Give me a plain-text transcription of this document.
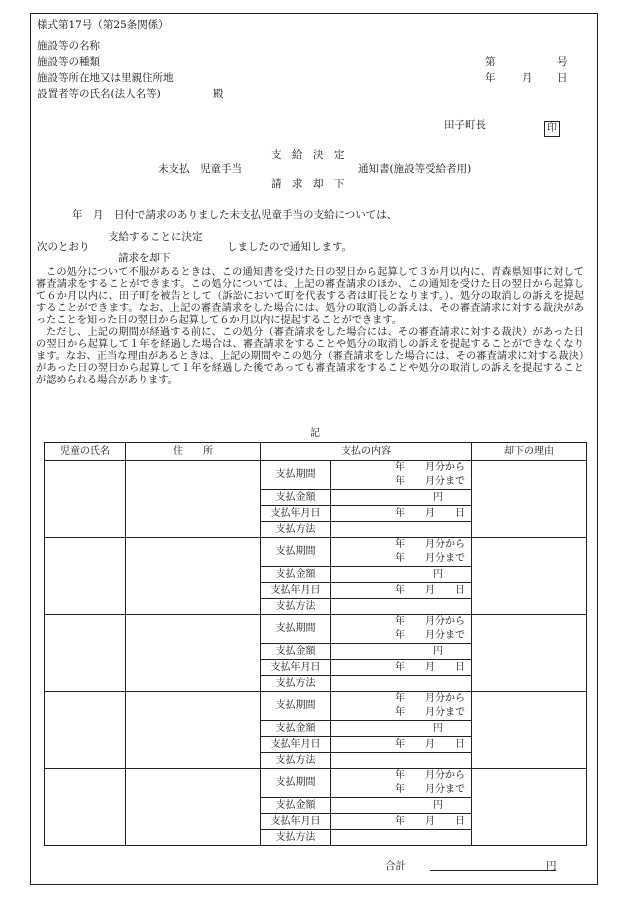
様式第17号（第25条関係）
施設等の名称
施設等の種類
施設等所在地又は里親住所地
設置者等の氏名(法人名等)	殿
第	号
年	月 日
田子町長	印
支　給　決　定
未支払　児童手当	通知書(施設等受給者用)
請　求　却　下
年　月　日付で請求のありました未支払児童手当の支給については、
支給することに決定
次のとおり	しましたので通知します。
請求を却下
この処分について不服があるときは、この通知書を受けた日の翌日から起算して３か月以内に、青森県知事に対して審査請求をすることができます。この処分については、上記の審査請求のほか、この通知を受けた日の翌日から起算して６か月以内に、田子町を被告として（訴訟において町を代表する者は町長となります。）、処分の取消しの訴えを提起することができます。なお、上記の審査請求をした場合には、処分の取消しの訴えは、その審査請求に対する裁決があったことを知った日の翌日から起算して６か月以内に提起することができます。
ただし、上記の期間が経過する前に、この処分（審査請求をした場合には、その審査請求に対する裁決）があった日の翌日から起算して１年を経過した場合は、審査請求をすることや処分の取消しの訴えを提起することができなくなります。なお、正当な理由があるときは、上記の期間やこの処分（審査請求をした場合には、その審査請求に対する裁決）があった日の翌日から起算して１年を経過した後であっても審査請求をすることや処分の取消しの訴えを提起することが認められる場合があります。
記
児童の氏名	住　　所	支払の内容		却下の理由
		支払期間	年　　月分から
年　　月分まで	

		支払金額	円	
		支払年月日	年　　月　　日	
		支払方法		
		支払期間	年　　月分から
年　　月分まで	

		支払金額	円	
		支払年月日	年　　月　　日	
		支払方法		
		支払期間	年　　月分から
年　　月分まで	

		支払金額	円	
		支払年月日	年　　月　　日	
		支払方法		
		支払期間	年　　月分から
年　　月分まで	

		支払金額	円	
		支払年月日	年　　月　　日	
		支払方法		
		支払期間	年　　月分から
年　　月分まで	

		支払金額	円	
		支払年月日	年　　月　　日	
		支払方法		
合計	円
